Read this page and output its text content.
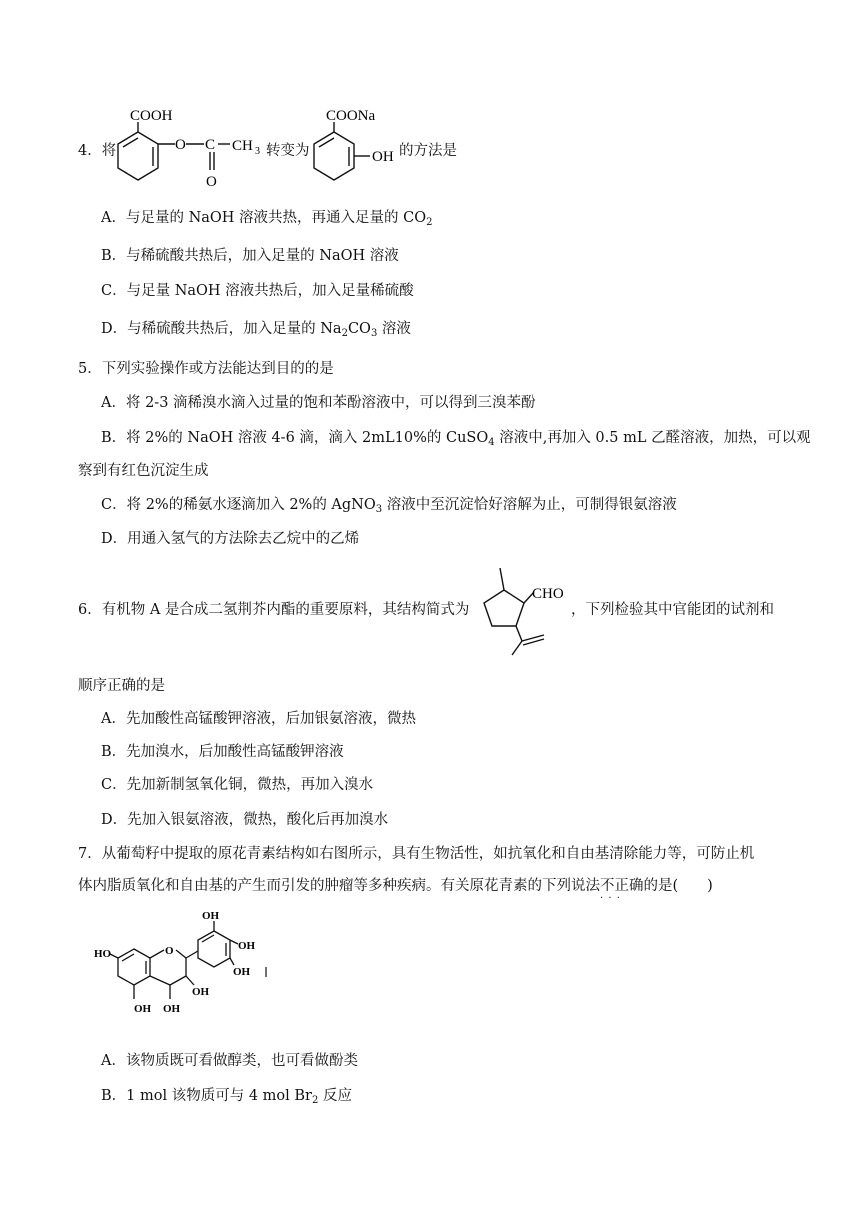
4．将
COOH
O C CH 3
O
转变为
COONa
OH 的方法是
A．与足量的 NaOH 溶液共热，再通入足量的 $CO_2$
B．与稀硫酸共热后，加入足量的 NaOH 溶液
C．与足量 NaOH 溶液共热后，加入足量稀硫酸
D．与稀硫酸共热后，加入足量的 $Na_2CO_3$ 溶液
5．下列实验操作或方法能达到目的的是
A．将 2-3 滴稀溴水滴入过量的饱和苯酚溶液中，可以得到三溴苯酚
B．将 2%的 NaOH 溶液 4-6 滴，滴入 2mL10%的 CuSO$_4$ 溶液中,再加入 0.5 mL 乙醛溶液，加热，可以观
察到有红色沉淀生成
C．将 2%的稀氨水逐滴加入 2%的 AgNO$_3$ 溶液中至沉淀恰好溶解为止，可制得银氨溶液
D．用通入氢气的方法除去乙烷中的乙烯
6．有机物 A 是合成二氢荆芥内酯的重要原料，其结构简式为
CHO
，下列检验其中官能团的试剂和
顺序正确的是
A．先加酸性高锰酸钾溶液，后加银氨溶液，微热
B．先加溴水，后加酸性高锰酸钾溶液
C．先加新制氢氧化铜，微热，再加入溴水
D．先加入银氨溶液，微热，酸化后再加溴水
7．从葡萄籽中提取的原花青素结构如右图所示，具有生物活性，如抗氧化和自由基清除能力等，可防止机
体内脂质氧化和自由基的产生而引发的肿瘤等多种疾病。有关原花青素的下列说法不正确 · · ·的是(　　)
HO	O
OH
OH
OH
OH
OH OH
A．该物质既可看做醇类，也可看做酚类
B．1 mol 该物质可与 4 mol $Br_2$ 反应
